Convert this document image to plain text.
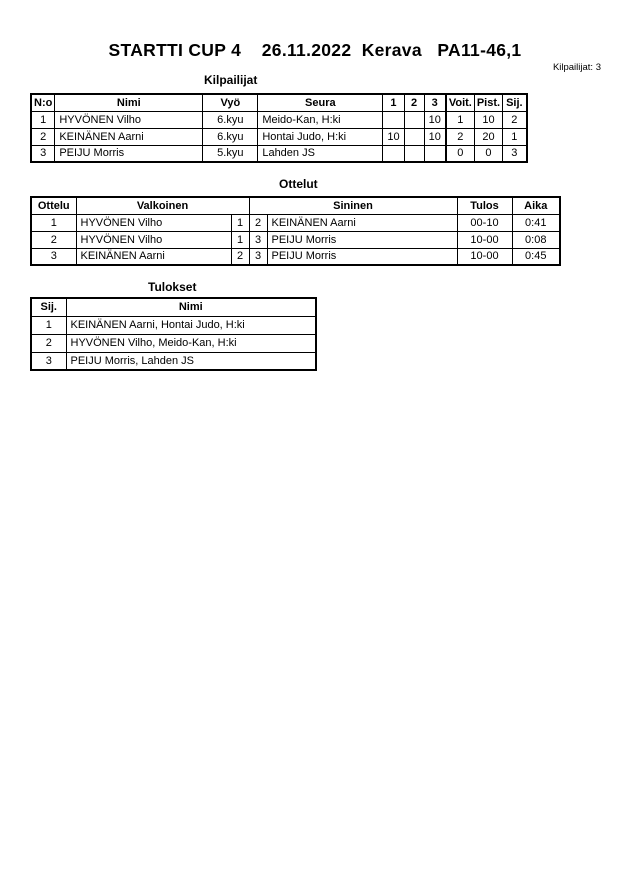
STARTTI CUP 4    26.11.2022  Kerava   PA11-46,1
Kilpailijat: 3
Kilpailijat
N:o	Nimi	Vyö	Seura	1	2	3	Voit.	Pist.	Sij.
1	HYVÖNEN Vilho	6.kyu	Meido-Kan, H:ki			10	1	10	2
2	KEINÄNEN Aarni	6.kyu	Hontai Judo, H:ki	10		10	2	20	1
3	PEIJU Morris	5.kyu	Lahden JS				0	0	3
Ottelut
Ottelu	Valkoinen		Sininen		Tulos	Aika
1	HYVÖNEN Vilho	1	2	KEINÄNEN Aarni	00-10	0:41
2	HYVÖNEN Vilho	1	3	PEIJU Morris	10-00	0:08
3	KEINÄNEN Aarni	2	3	PEIJU Morris	10-00	0:45
Tulokset
Sij.	Nimi
1	KEINÄNEN Aarni, Hontai Judo, H:ki
2	HYVÖNEN Vilho, Meido-Kan, H:ki
3	PEIJU Morris, Lahden JS
